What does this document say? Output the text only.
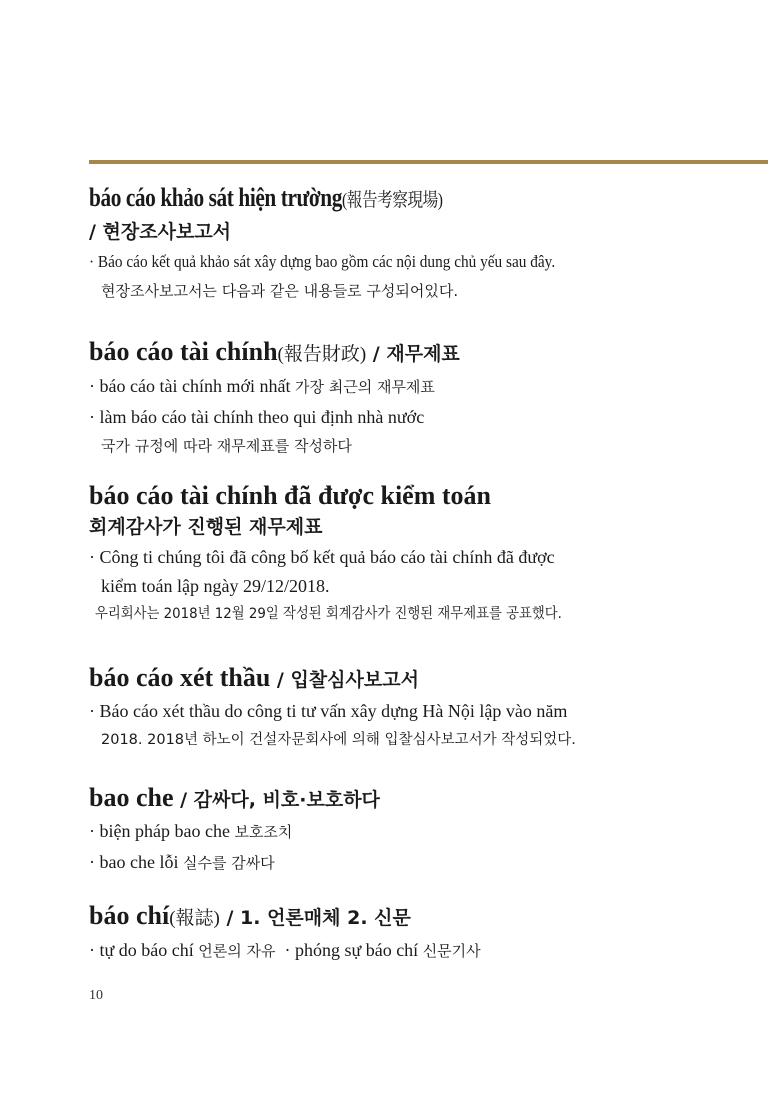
báo cáo khảo sát hiện trường(報告考察現場)
/ 현장조사보고서
· Báo cáo kết quả khảo sát xây dựng bao gồm các nội dung chủ yếu sau đây.
현장조사보고서는 다음과 같은 내용들로 구성되어있다.
báo cáo tài chính(報告財政) / 재무제표
· báo cáo tài chính mới nhất 가장 최근의 재무제표
· làm báo cáo tài chính theo qui định nhà nước
국가 규정에 따라 재무제표를 작성하다
báo cáo tài chính đã được kiểm toán
회계감사가 진행된 재무제표
· Công ti chúng tôi đã công bố kết quả báo cáo tài chính đã được
kiểm toán lập ngày 29/12/2018.
우리회사는 2018년 12월 29일 작성된 회계감사가 진행된 재무제표를 공표했다.
báo cáo xét thầu / 입찰심사보고서
· Báo cáo xét thầu do công ti tư vấn xây dựng Hà Nội lập vào năm
2018. 2018년 하노이 건설자문회사에 의해 입찰심사보고서가 작성되었다.
bao che / 감싸다, 비호·보호하다
· biện pháp bao che 보호조치
· bao che lỗi 실수를 감싸다
báo chí(報誌) / 1. 언론매체 2. 신문
· tự do báo chí 언론의 자유  · phóng sự báo chí 신문기사
10
